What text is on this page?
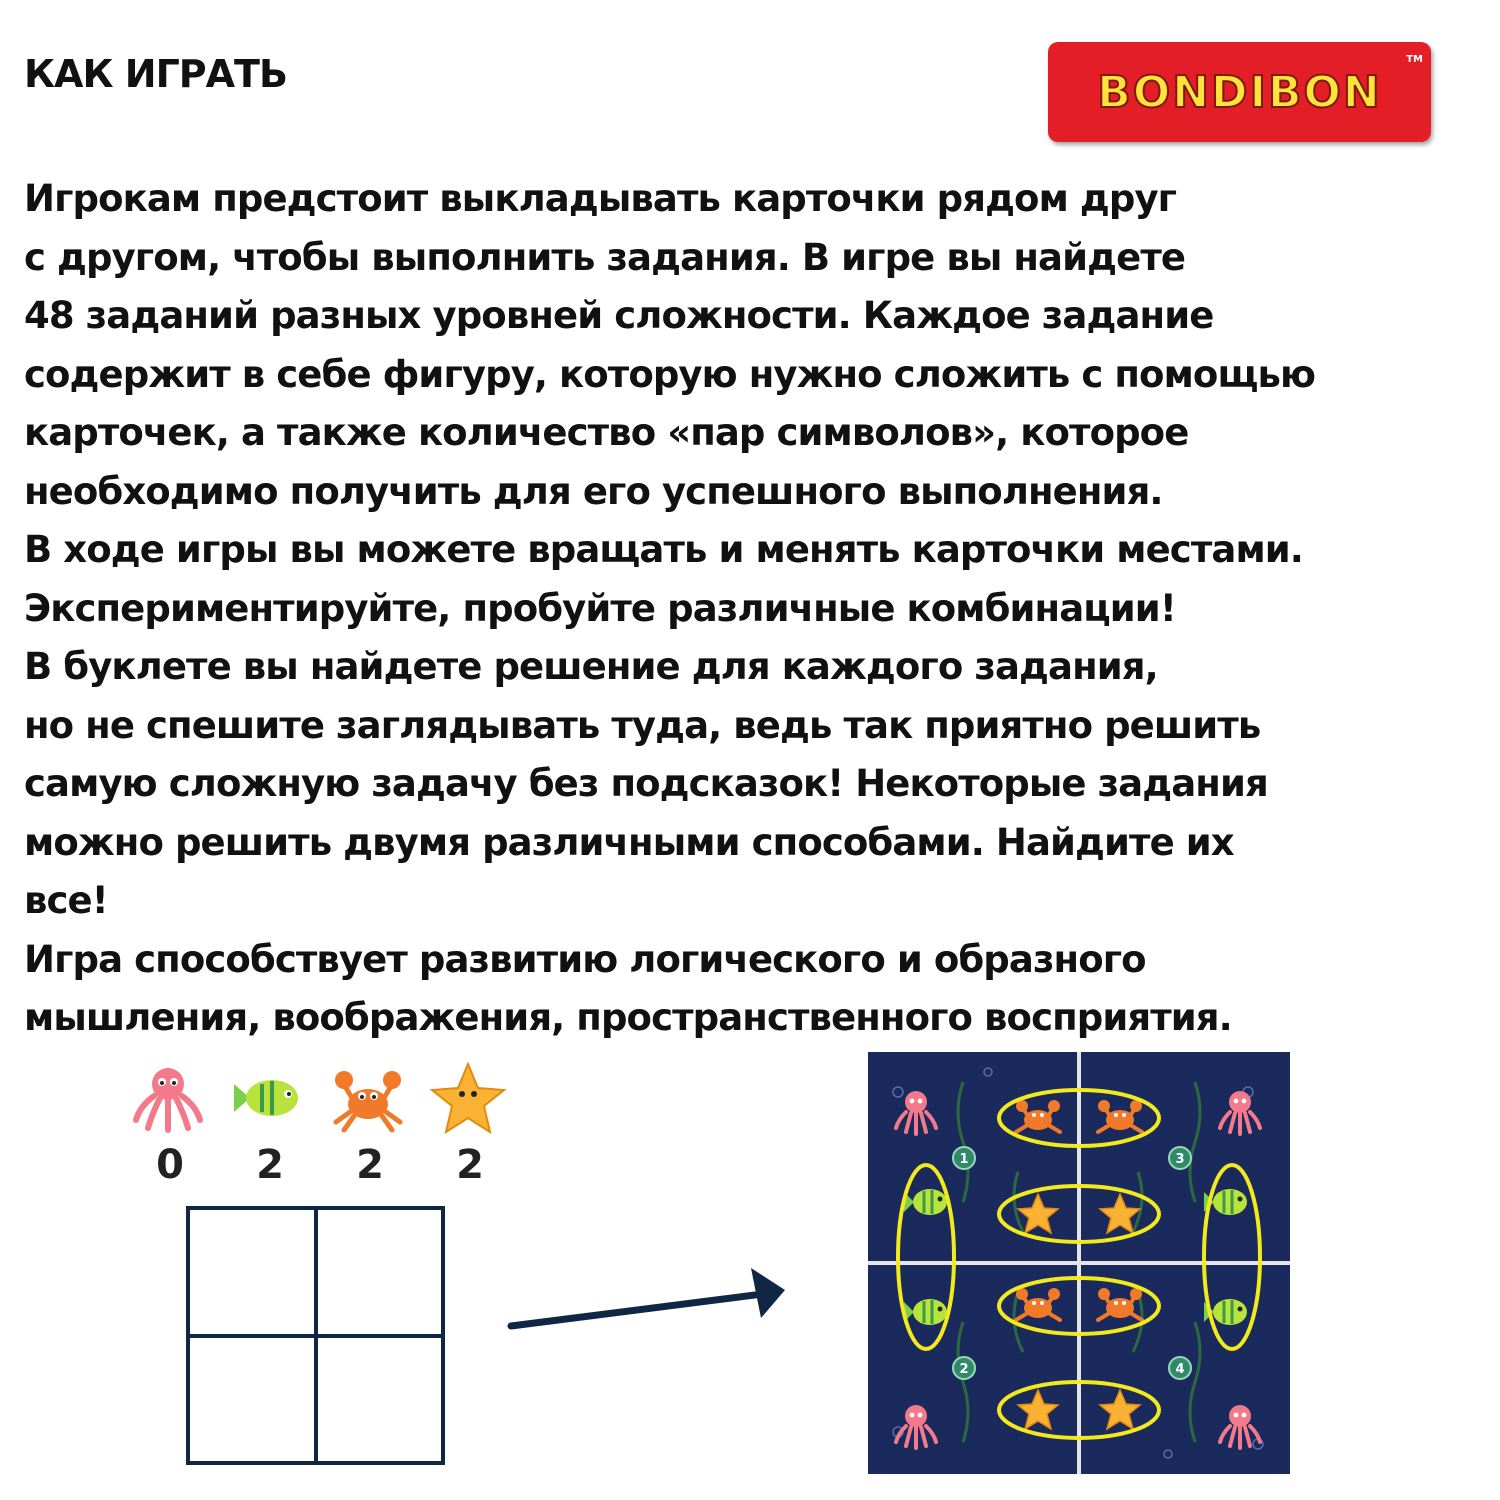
КАК ИГРАТЬ	BONDIBON
TM
Игрокам предстоит выкладывать карточки рядом друг
с другом, чтобы выполнить задания. В игре вы найдете
48 заданий разных уровней сложности. Каждое задание
содержит в себе фигуру, которую нужно сложить с помощью
карточек, а также количество «пар символов», которое
необходимо получить для его успешного выполнения.
В ходе игры вы можете вращать и менять карточки местами.
Экспериментируйте, пробуйте различные комбинации!
В буклете вы найдете решение для каждого задания,
но не спешите заглядывать туда, ведь так приятно решить
самую сложную задачу без подсказок! Некоторые задания
можно решить двумя различными способами. Найдите их
все!
Игра способствует развитию логического и образного
мышления, воображения, пространственного восприятия.
0 2 2 2	1	3
2	4
